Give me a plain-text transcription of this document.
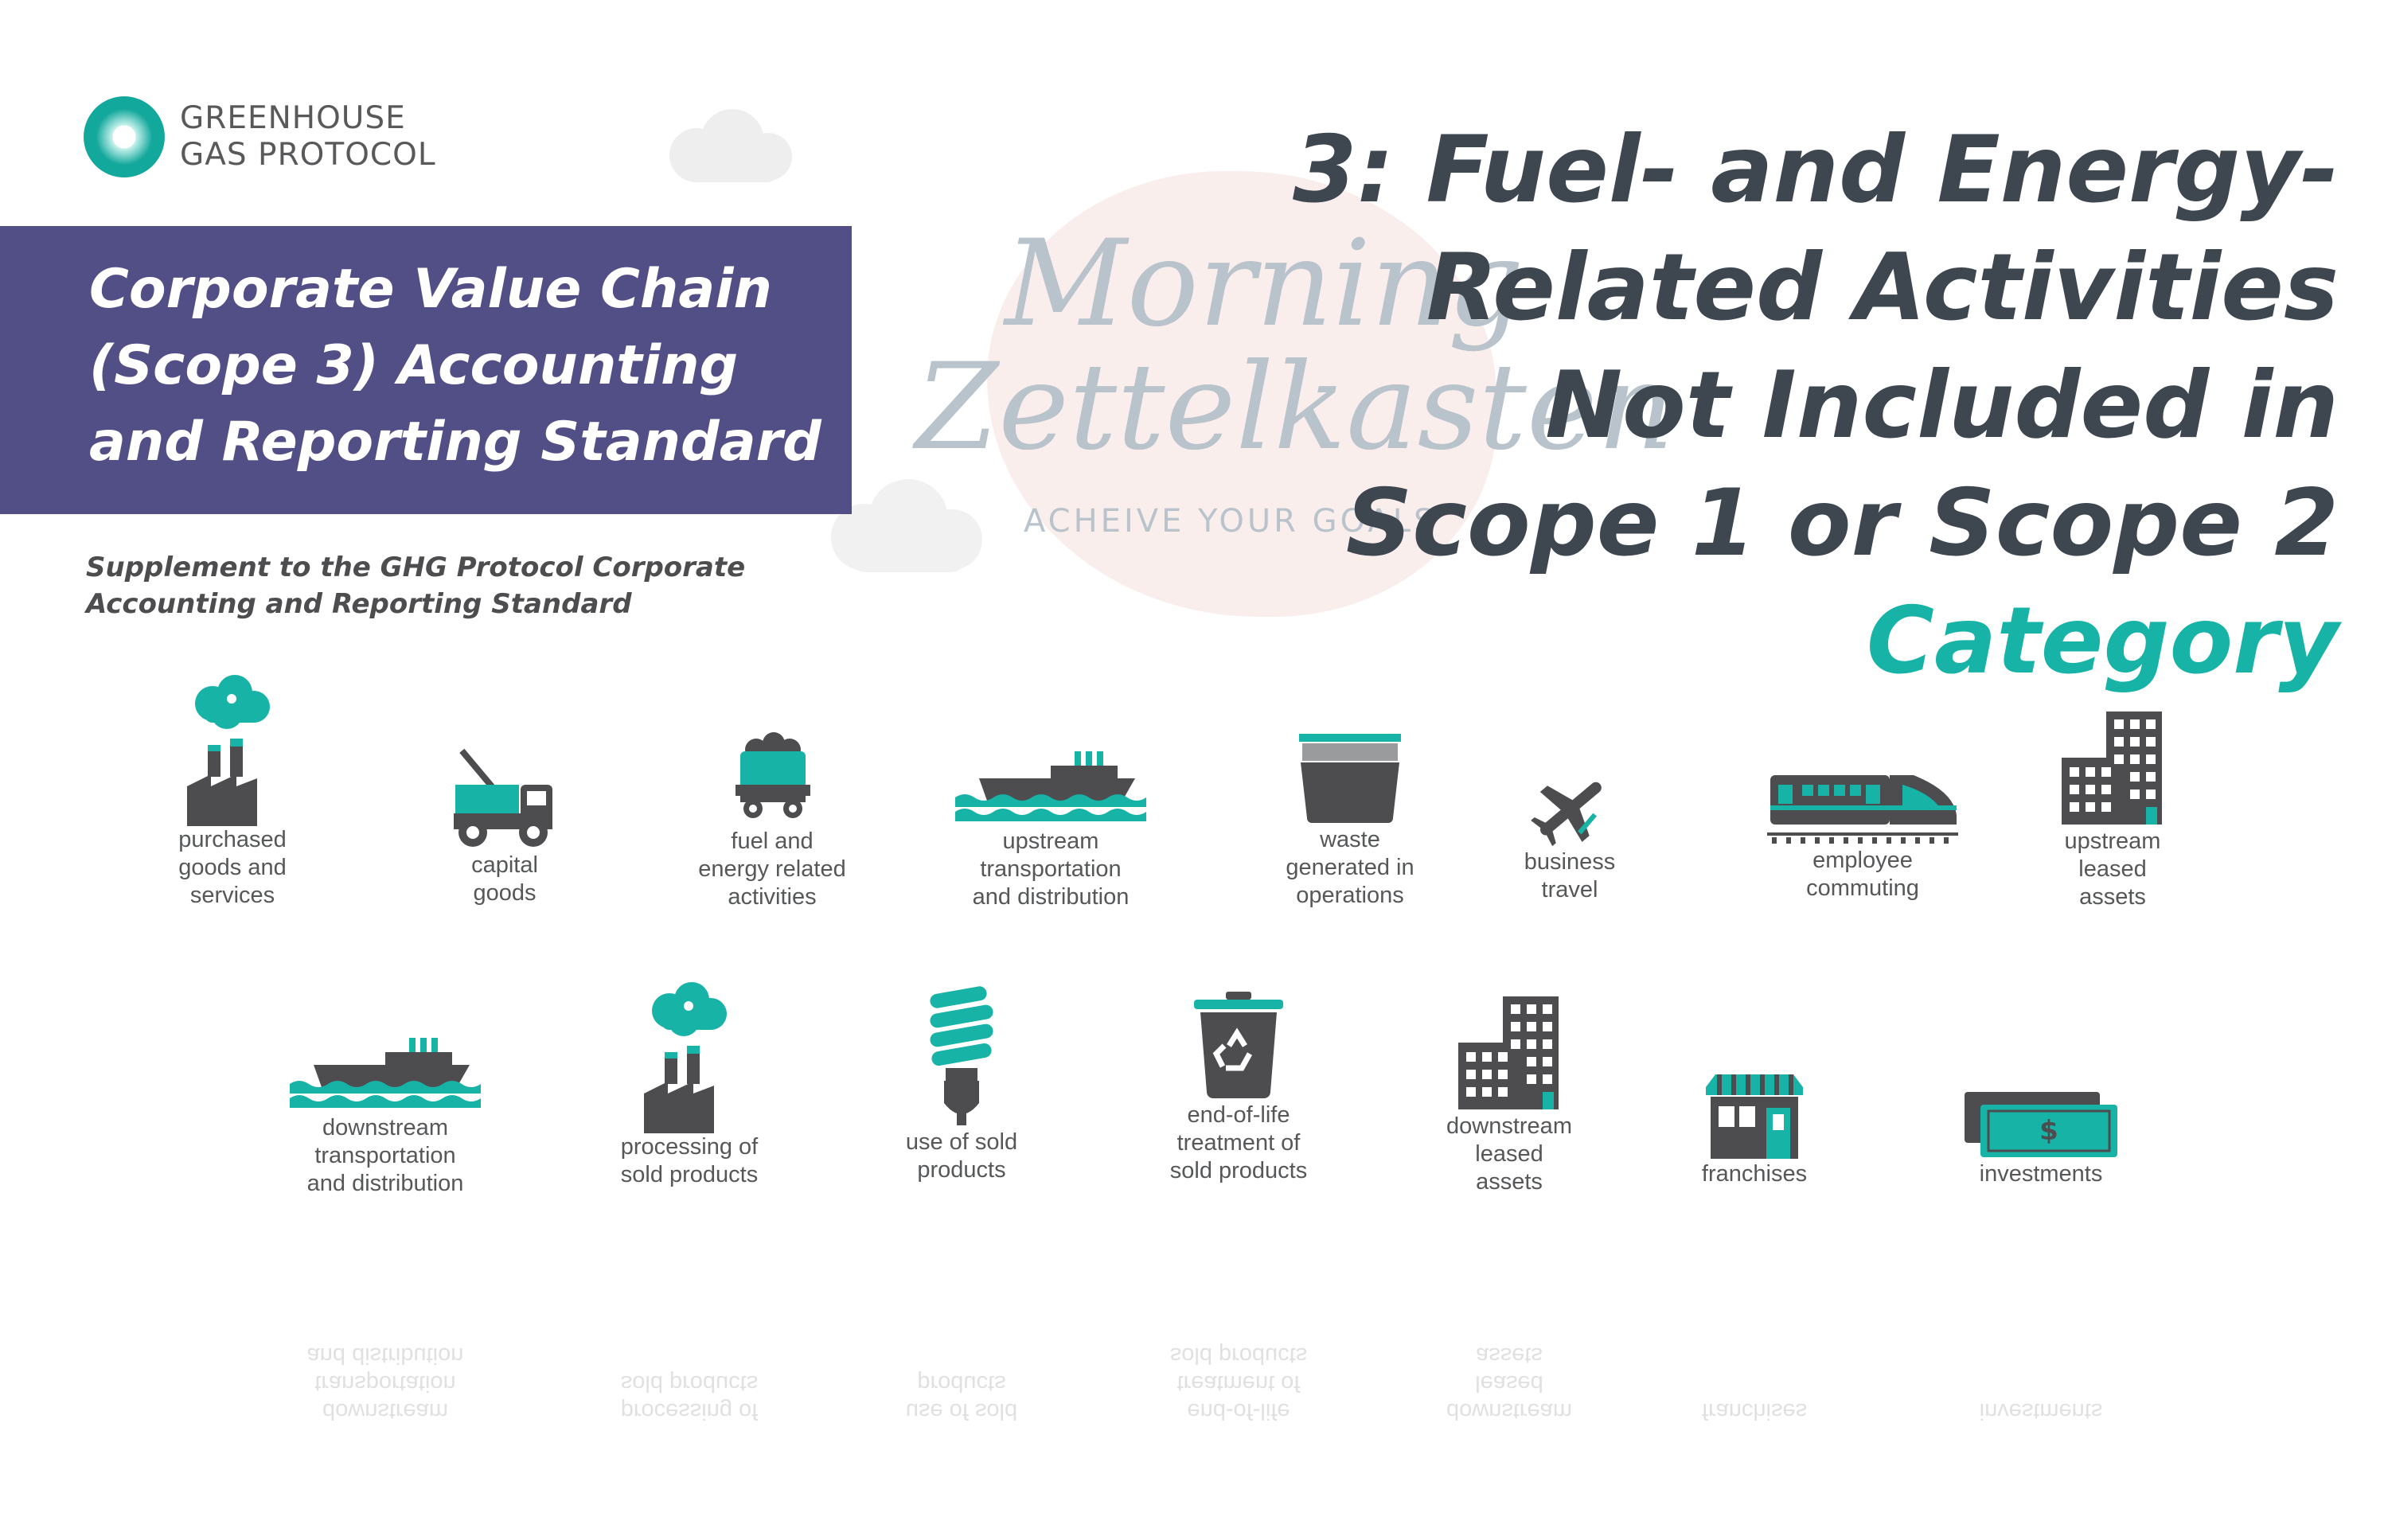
GREENHOUSE
GAS PROTOCOL
Corporate Value Chain
(Scope 3) Accounting
and Reporting Standard
Supplement to the GHG Protocol Corporate
Accounting and Reporting Standard
Morning
Zettelkasten
ACHEIVE YOUR GOALS
3: Fuel- and Energy-
Related Activities
Not Included in
Scope 1 or Scope 2
Category
purchased
goods and
services
capital
goods
fuel and
energy related
activities
upstream
transportation
and distribution
waste
generated in
operations
business
travel
employee
commuting
upstream
leased
assets
downstream
transportation
and distribution
processing of
sold products
use of sold
products
end-of-life
treatment of
sold products
downstream
leased
assets	franchises
$
investments
downstream
transportation
and distribution
processing of
sold products
use of sold
products
end-of-life
treatment of
sold products
downstream
leased
assets
franchises	investments
